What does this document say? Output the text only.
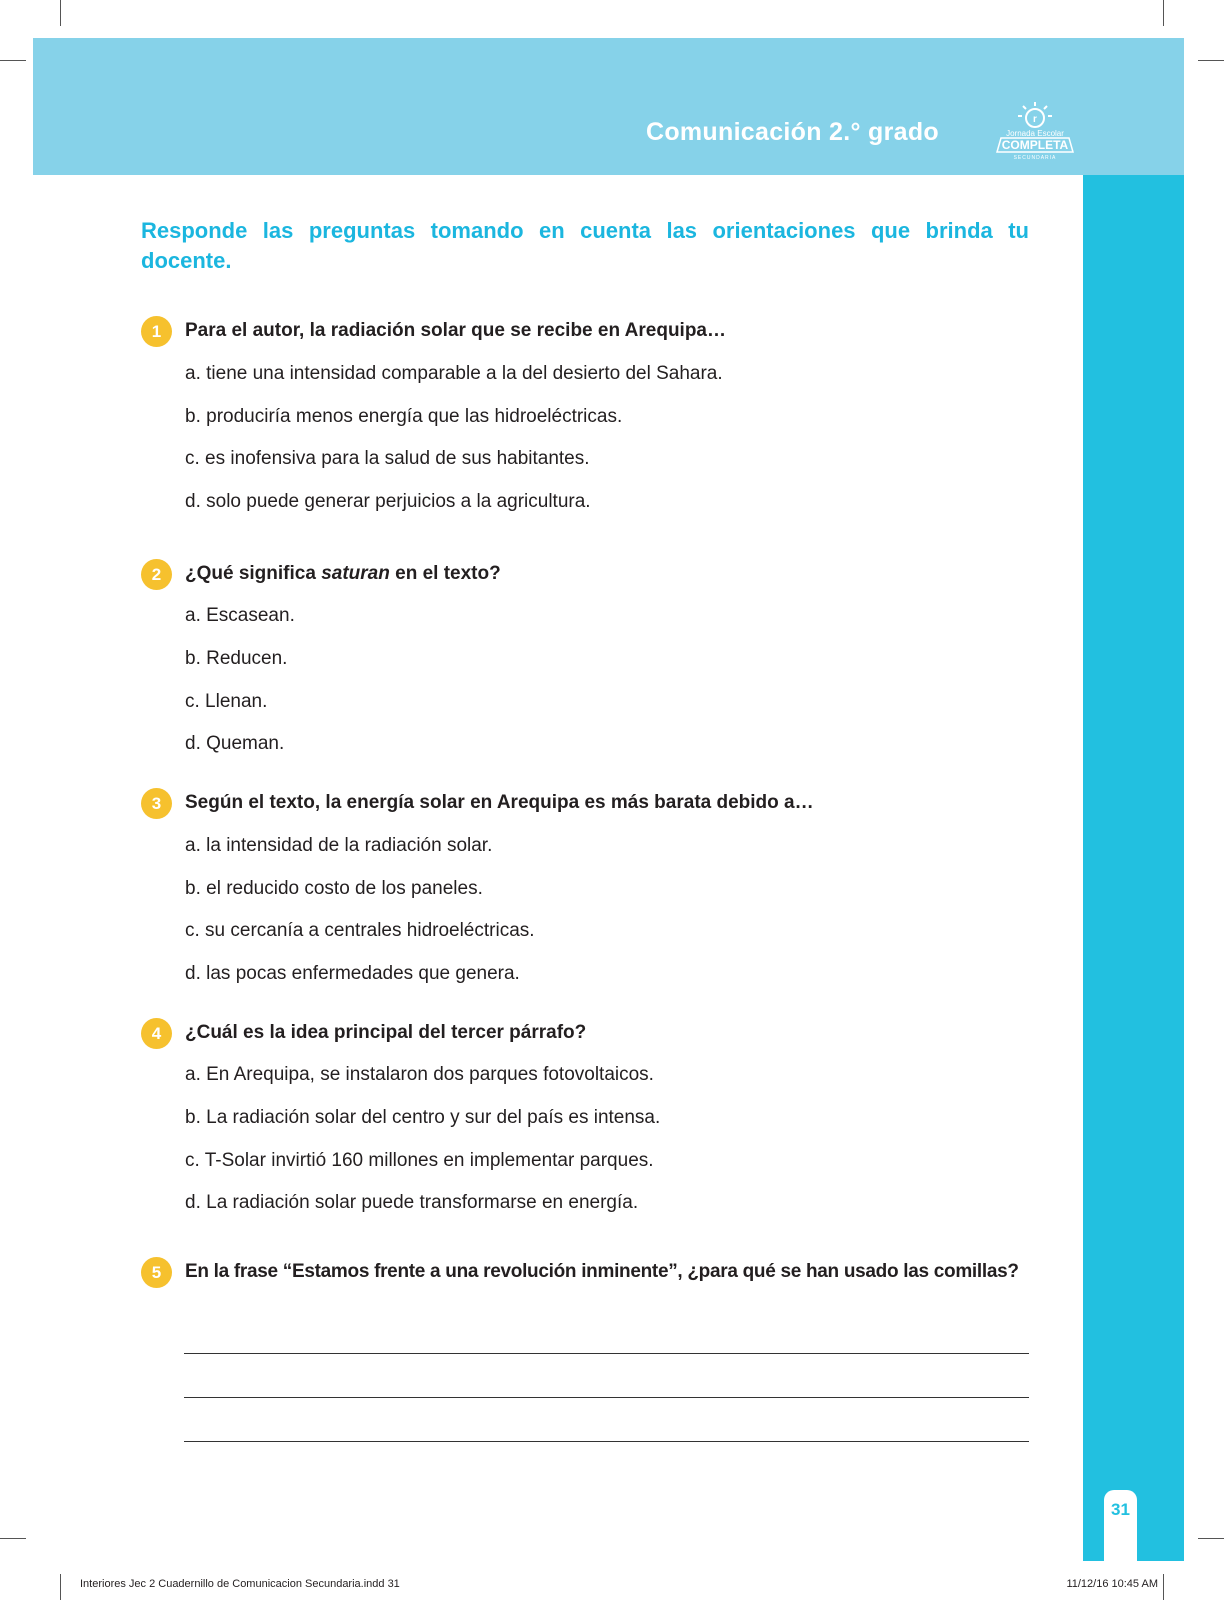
Comunicación 2.° grado	r
Jornada Escolar
COMPLETA
SECUNDARIA
31
Responde las preguntas tomando en cuenta las orientaciones que brinda tu docente.
1	Para el autor, la radiación solar que se recibe en Arequipa…
a. tiene una intensidad comparable a la del desierto del Sahara.
b. produciría menos energía que las hidroeléctricas.
c. es inofensiva para la salud de sus habitantes.
d. solo puede generar perjuicios a la agricultura.
2	¿Qué significa saturan en el texto?
a. Escasean.
b. Reducen.
c. Llenan.
d. Queman.
3	Según el texto, la energía solar en Arequipa es más barata debido a…
a. la intensidad de la radiación solar.
b. el reducido costo de los paneles.
c. su cercanía a centrales hidroeléctricas.
d. las pocas enfermedades que genera.
4	¿Cuál es la idea principal del tercer párrafo?
a. En Arequipa, se instalaron dos parques fotovoltaicos.
b. La radiación solar del centro y sur del país es intensa.
c. T-Solar invirtió 160 millones en implementar parques.
d. La radiación solar puede transformarse en energía.
5	En la frase “Estamos frente a una revolución inminente”, ¿para qué se han usado las comillas?
Interiores Jec 2 Cuadernillo de Comunicacion Secundaria.indd 31	11/12/16 10:45 AM
